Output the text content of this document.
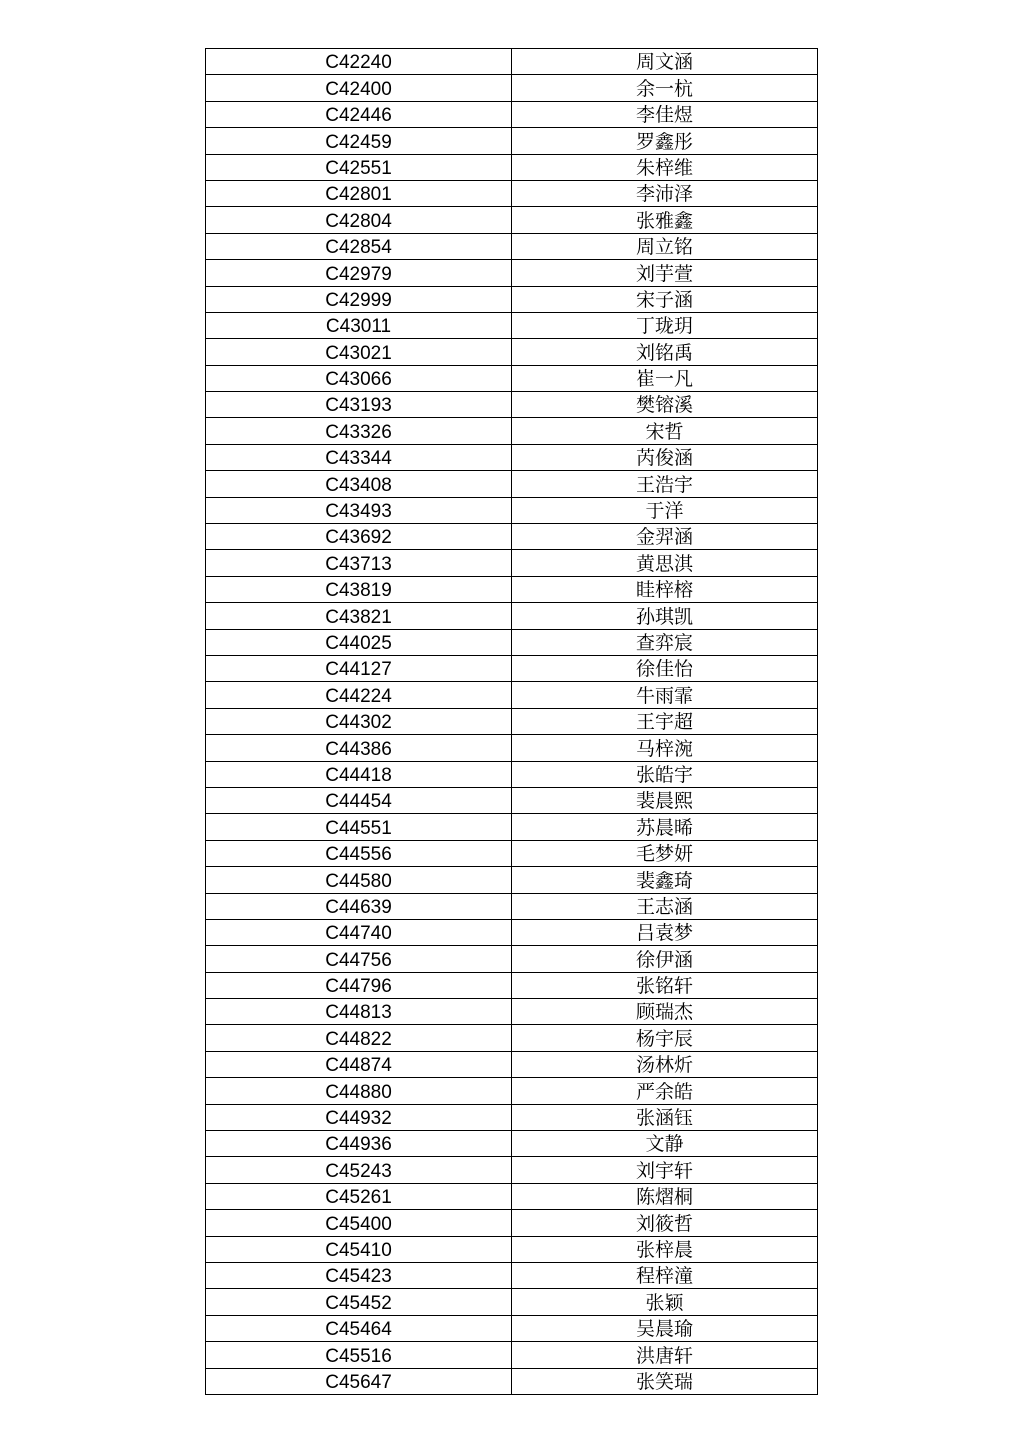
C42240	周文涵
C42400	余一杭
C42446	李佳煜
C42459	罗鑫彤
C42551	朱梓维
C42801	李沛泽
C42804	张雅鑫
C42854	周立铭
C42979	刘芋萱
C42999	宋子涵
C43011	丁珑玥
C43021	刘铭禹
C43066	崔一凡
C43193	樊镕溪
C43326	宋哲
C43344	芮俊涵
C43408	王浩宇
C43493	于洋
C43692	金羿涵
C43713	黄思淇
C43819	眭梓榕
C43821	孙琪凯
C44025	查弈宸
C44127	徐佳怡
C44224	牛雨霏
C44302	王宇超
C44386	马梓涴
C44418	张皓宇
C44454	裴晨熙
C44551	苏晨晞
C44556	毛梦妍
C44580	裴鑫琦
C44639	王志涵
C44740	吕袁梦
C44756	徐伊涵
C44796	张铭轩
C44813	顾瑞杰
C44822	杨宇辰
C44874	汤林炘
C44880	严余皓
C44932	张涵钰
C44936	文静
C45243	刘宇轩
C45261	陈熠桐
C45400	刘筱哲
C45410	张梓晨
C45423	程梓潼
C45452	张颖
C45464	吴晨瑜
C45516	洪唐轩
C45647	张笑瑞
